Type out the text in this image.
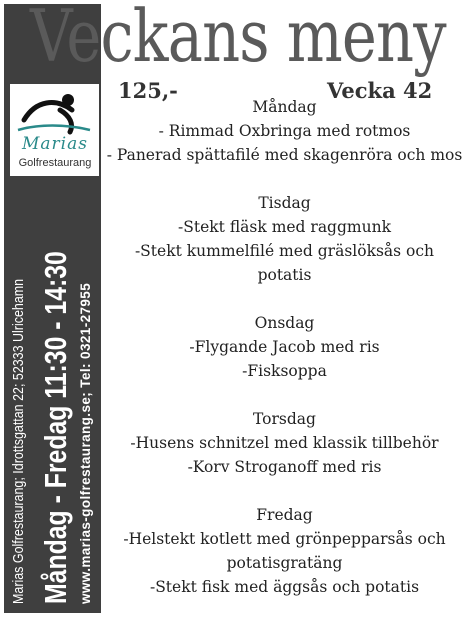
Marias
Golfrestaurang
Marias Golfrestaurang; Idrottsgattan 22; 52333 Ulricehamn Måndag - Fredag 11:30 - 14:30 www.marias-golfrestaurang.se; Tel: 0321-27955
Veckans meny
125,-	Vecka 42
Måndag
- Rimmad Oxbringa med rotmos
- Panerad spättafilé med skagenröra och mos
Tisdag
-Stekt fläsk med raggmunk
-Stekt kummelfilé med gräslöksås och potatis
Onsdag
-Flygande Jacob med ris
-Fisksoppa
Torsdag
-Husens schnitzel med klassik tillbehör
-Korv Stroganoff med ris
Fredag
-Helstekt kotlett med grönpepparsås och potatisgratäng
-Stekt fisk med äggsås och potatis
